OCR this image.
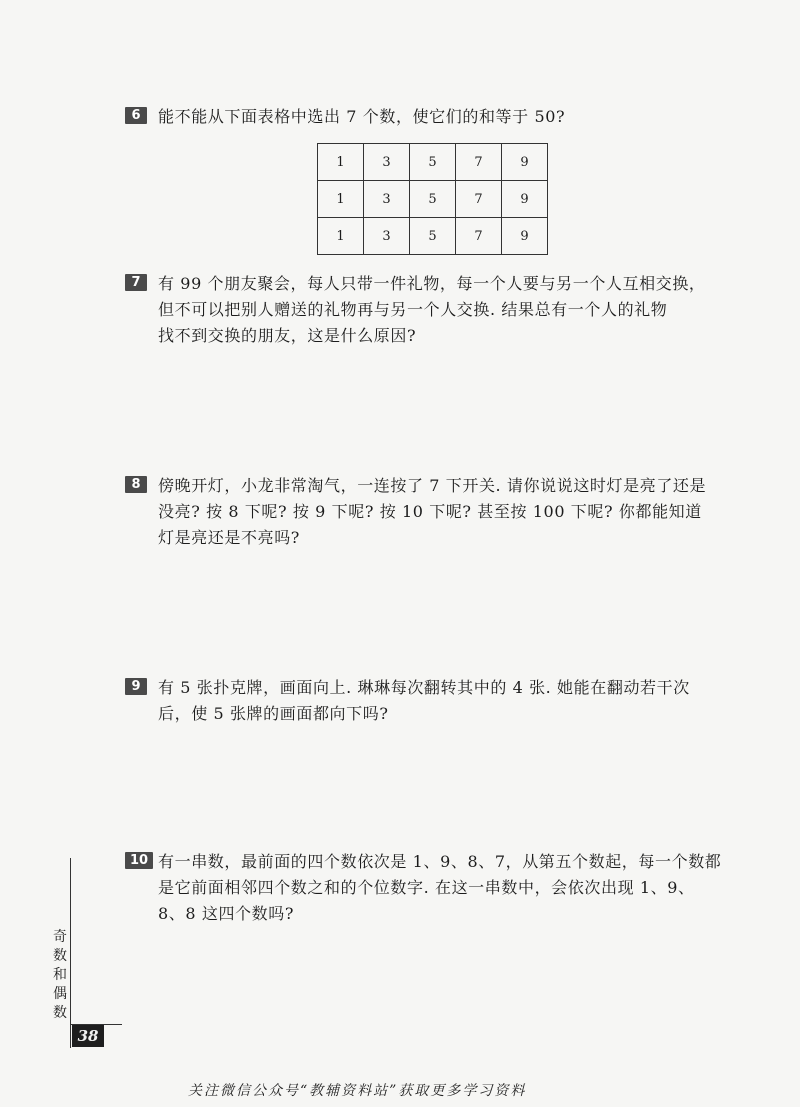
6	能不能从下面表格中选出 7 个数，使它们的和等于 50?
1	3	5	7	9
1	3	5	7	9
1	3	5	7	9
7	有 99 个朋友聚会，每人只带一件礼物，每一个人要与另一个人互相交换，
但不可以把别人赠送的礼物再与另一个人交换. 结果总有一个人的礼物
找不到交换的朋友，这是什么原因?
8	傍晚开灯，小龙非常淘气，一连按了 7 下开关. 请你说说这时灯是亮了还是
没亮? 按 8 下呢? 按 9 下呢? 按 10 下呢? 甚至按 100 下呢? 你都能知道
灯是亮还是不亮吗?
9	有 5 张扑克牌，画面向上. 琳琳每次翻转其中的 4 张. 她能在翻动若干次
后，使 5 张牌的画面都向下吗?
10 有一串数，最前面的四个数依次是 1、9、8、7，从第五个数起，每一个数都
是它前面相邻四个数之和的个位数字. 在这一串数中，会依次出现 1、9、
8、8 这四个数吗?
奇数和偶数
38
关注微信公众号“教辅资料站”获取更多学习资料
